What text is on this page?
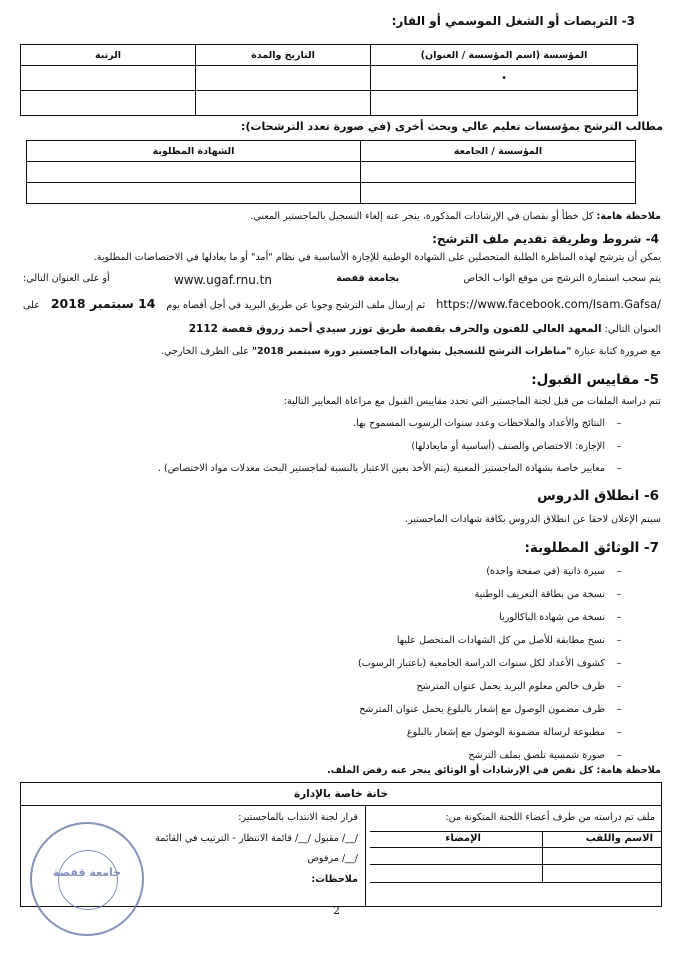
3- التربصات أو الشغل الموسمي أو القار:
المؤسسة (اسم المؤسسة / العنوان)	التاريخ والمدة	الرتبة
•		

مطالب الترشح بمؤسسات تعليم عالي وبحث أخرى (في صورة تعدد الترشحات):
المؤسسة / الجامعة	الشهادة المطلوبة

ملاحظة هامة: كل خطأ أو نقصان في الإرشادات المذكورة، ينجر عنه إلغاء التسجيل بالماجستير المعني.
4- شروط وطريقة تقديم ملف الترشح:
يمكن أن يترشح لهذه المناظرة الطلبة المتحصلين على الشهادة الوطنية للإجازة الأساسية في نظام "أمد" أو ما يعادلها في الاختصاصات المطلوبة.
يتم سحب استمارة الترشح من موقع الواب الخاص
بجامعة قفصة
www.ugaf.rnu.tn
أو على العنوان التالي:
https://www.facebook.com/Isam.Gafsa/
ثم إرسال ملف الترشح وجوبا عن طريق البريد في أجل أقصاه يوم
14 سبتمبر 2018
على
العنوان التالي: المعهد العالي للفنون والحرف بقفصة طريق توزر سيدي أحمد زروق قفصة 2112
مع ضرورة كتابة عبارة "مناظرات الترشح للتسجيل بشهادات الماجستير دورة سبتمبر 2018" على الظرف الخارجي.
5- مقاييس القبول:
تتم دراسة الملفات من قبل لجنة الماجستير التي تحدد مقاييس القبول مع مراعاة المعايير التالية:
– النتائج والأعداد والملاحظات وعدد سنوات الرسوب المسموح بها.
– الإجازة: الاختصاص والصنف (أساسية أو مايعادلها)
– معايير خاصة بشهادة الماجستير المعنية (يتم الأخذ بعين الاعتبار بالنسبة لماجستير البحث معدلات مواد الاختصاص) .
6- انطلاق الدروس
سيتم الإعلان لاحقا عن انطلاق الدروس بكافة شهادات الماجستير.
7- الوثائق المطلوبة:
– سيرة ذاتية (في صفحة واحدة)
– نسخة من بطاقة التعريف الوطنية
– نسخة من شهادة الباكالوريا
– نسخ مطابقة للأصل من كل الشهادات المتحصل عليها
– كشوف الأعداد لكل سنوات الدراسة الجامعية (باعتبار الرسوب)
– ظرف خالص معلوم البريد يحمل عنوان المترشح
– ظرف مضمون الوصول مع إشعار بالبلوغ يحمل عنوان المترشح
– مطبوعة لرسالة مضمونة الوصول مع إشعار بالبلوغ
– صورة شمسية تلصق بملف الترشح
ملاحظة هامة: كل نقص في الإرشادات أو الوثائق ينجر عنه رفض الملف.
خانة خاصة بالإدارة
ملف تم دراسته من طرف أعضاء اللجنة المتكونة من:
الاسم واللقب
الإمضاء
قرار لجنة الانتداب بالماجستير:
/__/ مقبول /__/ قائمة الانتظار - الترتيب في القائمة
/__/ مرفوض
ملاحظات:
جامعة قفصة
2
